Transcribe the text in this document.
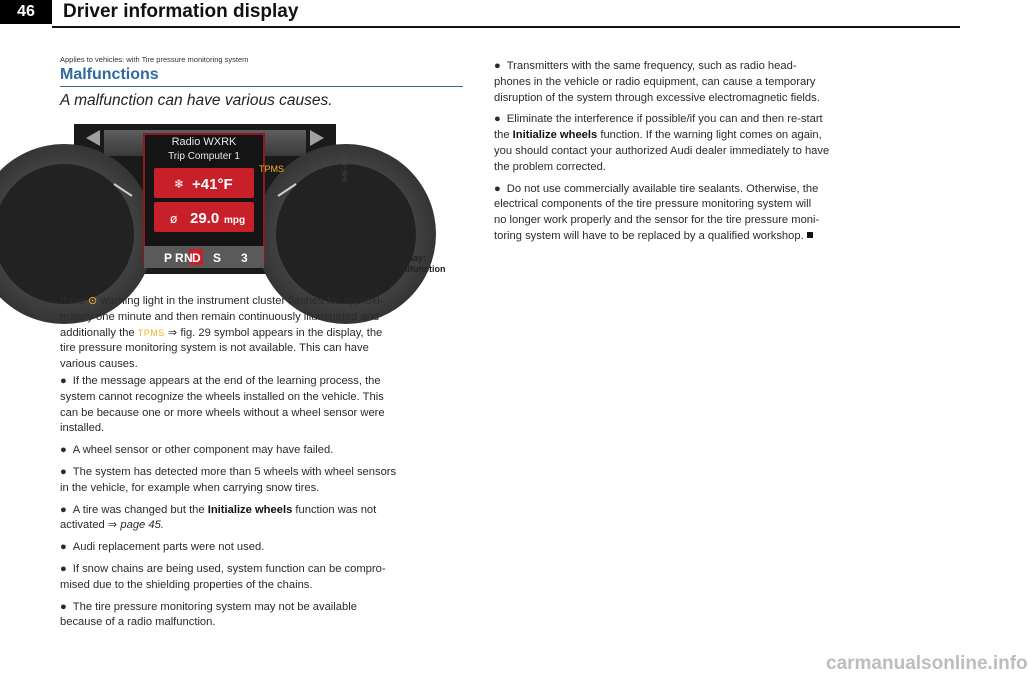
46	Driver information display
Applies to vehicles: with Tire pressure monitoring system
Malfunctions
A malfunction can have various causes.
Radio WXRK
Trip Computer 1
TPMS
❄ +41°F
ø 29.0 mpg
P R N D S 3
B4E-1227
Fig. 29 Display:
System malfunction
If the ⊙ warning light in the instrument cluster flashes for approxi-
mately one minute and then remain continuously illuminated and
additionally the TPMS ⇒ fig. 29 symbol appears in the display, the
tire pressure monitoring system is not available. This can have
various causes.
● If the message appears at the end of the learning process, the
system cannot recognize the wheels installed on the vehicle. This
can be because one or more wheels without a wheel sensor were
installed.
● A wheel sensor or other component may have failed.
● The system has detected more than 5 wheels with wheel sensors
in the vehicle, for example when carrying snow tires.
● A tire was changed but the Initialize wheels function was not
activated ⇒ page 45.
● Audi replacement parts were not used.
● If snow chains are being used, system function can be compro-
mised due to the shielding properties of the chains.
● The tire pressure monitoring system may not be available
because of a radio malfunction.
● Transmitters with the same frequency, such as radio head-
phones in the vehicle or radio equipment, can cause a temporary
disruption of the system through excessive electromagnetic fields.
● Eliminate the interference if possible/if you can and then re-start
the Initialize wheels function. If the warning light comes on again,
you should contact your authorized Audi dealer immediately to have
the problem corrected.
● Do not use commercially available tire sealants. Otherwise, the
electrical components of the tire pressure monitoring system will
no longer work properly and the sensor for the tire pressure moni-
toring system will have to be replaced by a qualified workshop.
carmanualsonline.info
